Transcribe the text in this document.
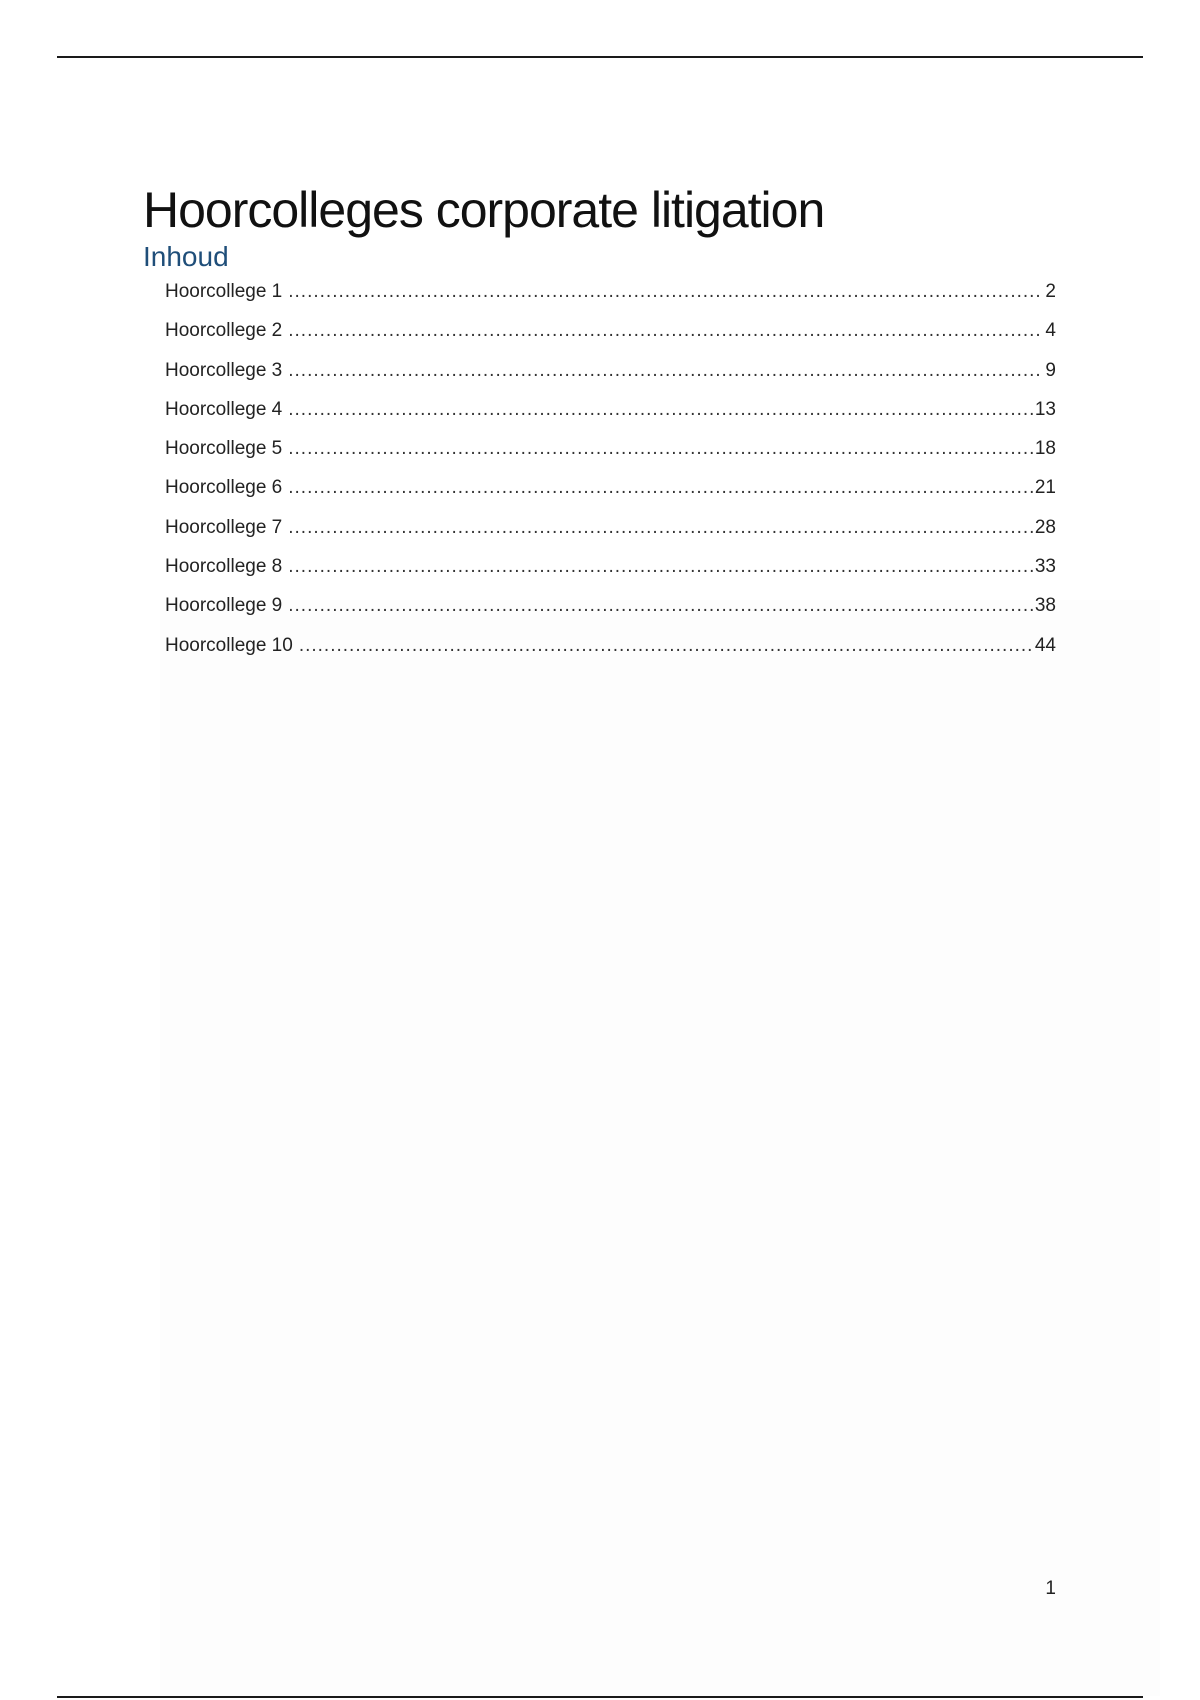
Hoorcolleges corporate litigation
Inhoud
Hoorcollege 1 .....	2
Hoorcollege 2 .....	4
Hoorcollege 3 .....	9
Hoorcollege 4 .....	13
Hoorcollege 5 .....	18
Hoorcollege 6 .....	21
Hoorcollege 7 .....	28
Hoorcollege 8 .....	33
Hoorcollege 9 .....	38
Hoorcollege 10 .....	44
1
